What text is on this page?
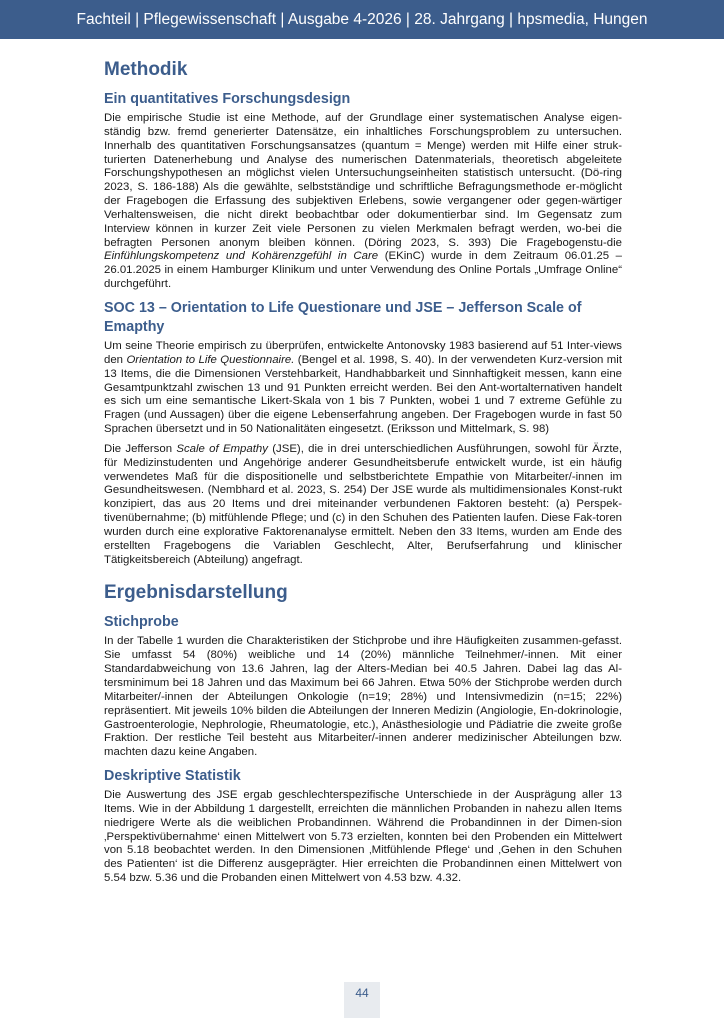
Fachteil | Pflegewissenschaft | Ausgabe 4-2026 | 28. Jahrgang | hpsmedia, Hungen
Methodik
Ein quantitatives Forschungsdesign

Die empirische Studie ist eine Methode, auf der Grundlage einer systematischen Analyse eigen-ständig bzw. fremd generierter Datensätze, ein inhaltliches Forschungsproblem zu untersuchen. Innerhalb des quantitativen Forschungsansatzes (quantum = Menge) werden mit Hilfe einer struk-turierten Datenerhebung und Analyse des numerischen Datenmaterials, theoretisch abgeleitete Forschungshypothesen an möglichst vielen Untersuchungseinheiten statistisch untersucht. (Dö-ring 2023, S. 186-188) Als die gewählte, selbstständige und schriftliche Befragungsmethode er-möglicht der Fragebogen die Erfassung des subjektiven Erlebens, sowie vergangener oder gegen-wärtiger Verhaltensweisen, die nicht direkt beobachtbar oder dokumentierbar sind. Im Gegensatz zum Interview können in kurzer Zeit viele Personen zu vielen Merkmalen befragt werden, wo-bei die befragten Personen anonym bleiben können. (Döring 2023, S. 393) Die Fragebogenstu-die Einfühlungskompetenz und Kohärenzgefühl in Care (EKinC) wurde in dem Zeitraum 06.01.25 – 26.01.2025 in einem Hamburger Klinikum und unter Verwendung des Online Portals „Umfrage Online“ durchgeführt.

SOC 13 – Orientation to Life Questionare und JSE – Jefferson Scale of Emapthy

Um seine Theorie empirisch zu überprüfen, entwickelte Antonovsky 1983 basierend auf 51 Inter-views den Orientation to Life Questionnaire. (Bengel et al. 1998, S. 40). In der verwendeten Kurz-version mit 13 Items, die die Dimensionen Verstehbarkeit, Handhabbarkeit und Sinnhaftigkeit messen, kann eine Gesamtpunktzahl zwischen 13 und 91 Punkten erreicht werden. Bei den Ant-wortalternativen handelt es sich um eine semantische Likert-Skala von 1 bis 7 Punkten, wobei 1 und 7 extreme Gefühle zu Fragen (und Aussagen) über die eigene Lebenserfahrung angeben. Der Fragebogen wurde in fast 50 Sprachen übersetzt und in 50 Nationalitäten eingesetzt. (Eriksson und Mittelmark, S. 98)

Die Jefferson Scale of Empathy (JSE), die in drei unterschiedlichen Ausführungen, sowohl für Ärzte, für Medizinstudenten und Angehörige anderer Gesundheitsberufe entwickelt wurde, ist ein häufig verwendetes Maß für die dispositionelle und selbstberichtete Empathie von Mitarbeiter/-innen im Gesundheitswesen. (Nembhard et al. 2023, S. 254) Der JSE wurde als multidimensionales Konst-rukt konzipiert, das aus 20 Items und drei miteinander verbundenen Faktoren besteht: (a) Perspek-tivenübernahme; (b) mitfühlende Pflege; und (c) in den Schuhen des Patienten laufen. Diese Fak-toren wurden durch eine explorative Faktorenanalyse ermittelt. Neben den 33 Items, wurden am Ende des erstellten Fragebogens die Variablen Geschlecht, Alter, Berufserfahrung und klinischer Tätigkeitsbereich (Abteilung) angefragt.

Ergebnisdarstellung
Stichprobe

In der Tabelle 1 wurden die Charakteristiken der Stichprobe und ihre Häufigkeiten zusammen-gefasst. Sie umfasst 54 (80%) weibliche und 14 (20%) männliche Teilnehmer/-innen. Mit einer Standardabweichung von 13.6 Jahren, lag der Alters-Median bei 40.5 Jahren. Dabei lag das Al-tersminimum bei 18 Jahren und das Maximum bei 66 Jahren. Etwa 50% der Stichprobe werden durch Mitarbeiter/-innen der Abteilungen Onkologie (n=19; 28%) und Intensivmedizin (n=15; 22%) repräsentiert. Mit jeweils 10% bilden die Abteilungen der Inneren Medizin (Angiologie, En-dokrinologie, Gastroenterologie, Nephrologie, Rheumatologie, etc.), Anästhesiologie und Pädiatrie die zweite große Fraktion. Der restliche Teil besteht aus Mitarbeiter/-innen anderer medizinischer Abteilungen bzw. machten dazu keine Angaben.

Deskriptive Statistik

Die Auswertung des JSE ergab geschlechterspezifische Unterschiede in der Ausprägung aller 13 Items. Wie in der Abbildung 1 dargestellt, erreichten die männlichen Probanden in nahezu allen Items niedrigere Werte als die weiblichen Probandinnen. Während die Probandinnen in der Dimen-sion ‚Perspektivübernahme‘ einen Mittelwert von 5.73 erzielten, konnten bei den Probenden ein Mittelwert von 5.18 beobachtet werden. In den Dimensionen ‚Mitfühlende Pflege‘ und ‚Gehen in den Schuhen des Patienten‘ ist die Differenz ausgeprägter. Hier erreichten die Probandinnen einen Mittelwert von 5.54 bzw. 5.36 und die Probanden einen Mittelwert von 4.53 bzw. 4.32.

44
